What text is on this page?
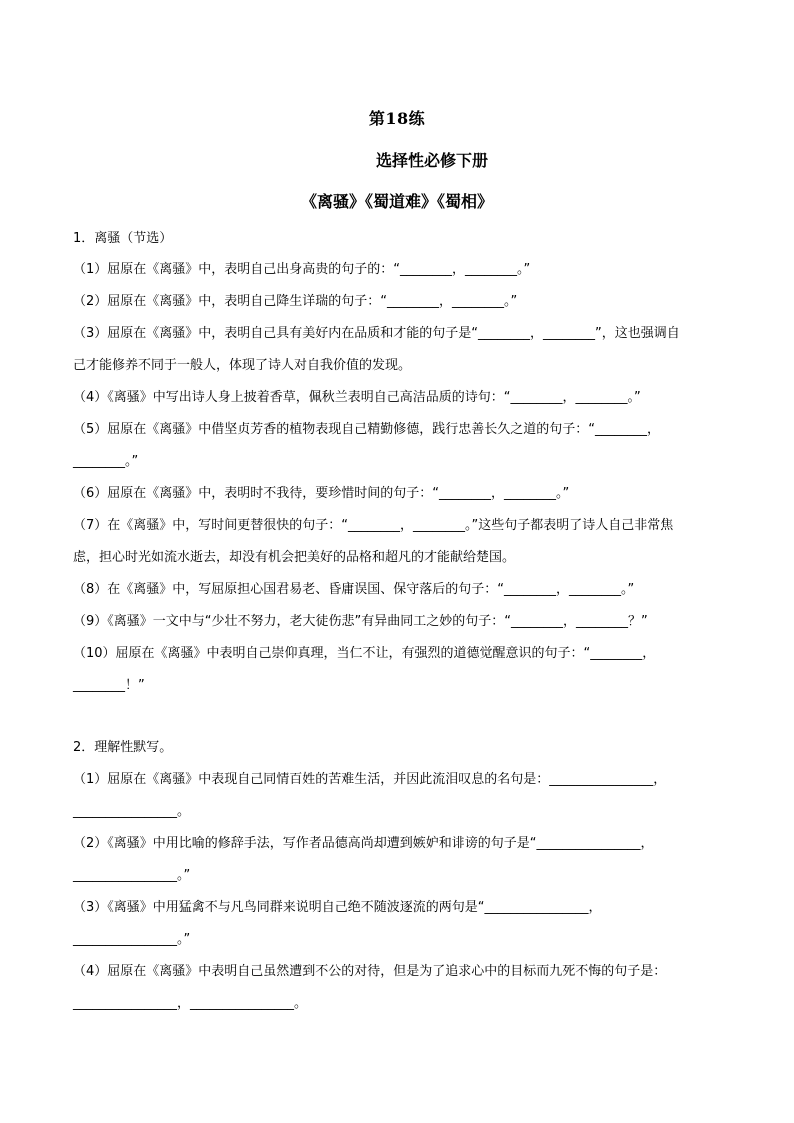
第18练
选择性必修下册
《离骚》《蜀道难》《蜀相》
1．离骚（节选）
（1）屈原在《离骚》中，表明自己出身高贵的句子的：“________，________。”
（2）屈原在《离骚》中，表明自己降生详瑞的句子：“________，________。”
（3）屈原在《离骚》中，表明自己具有美好内在品质和才能的句子是“________，________”，这也强调自
己才能修养不同于一般人，体现了诗人对自我价值的发现。
（4）《离骚》中写出诗人身上披着香草，佩秋兰表明自己高洁品质的诗句：“________，________。”
（5）屈原在《离骚》中借坚贞芳香的植物表现自己精勤修德，践行忠善长久之道的句子：“________，
________。”
（6）屈原在《离骚》中，表明时不我待，要珍惜时间的句子：“________，________。”
（7）在《离骚》中，写时间更替很快的句子：“________，________。”这些句子都表明了诗人自己非常焦
虑，担心时光如流水逝去，却没有机会把美好的品格和超凡的才能献给楚国。
（8）在《离骚》中，写屈原担心国君易老、昏庸误国、保守落后的句子：“________，________。”
（9）《离骚》一文中与“少壮不努力，老大徒伤悲”有异曲同工之妙的句子：“________，________？”
（10）屈原在《离骚》中表明自己崇仰真理，当仁不让，有强烈的道德觉醒意识的句子：“________，
________！”
2．理解性默写。
（1）屈原在《离骚》中表现自己同情百姓的苦难生活，并因此流泪叹息的名句是：________________，
________________。
（2）《离骚》中用比喻的修辞手法，写作者品德高尚却遭到嫉妒和诽谤的句子是“________________，
________________。”
（3）《离骚》中用猛禽不与凡鸟同群来说明自己绝不随波逐流的两句是“________________，
________________。”
（4）屈原在《离骚》中表明自己虽然遭到不公的对待，但是为了追求心中的目标而九死不悔的句子是：
________________，________________。
